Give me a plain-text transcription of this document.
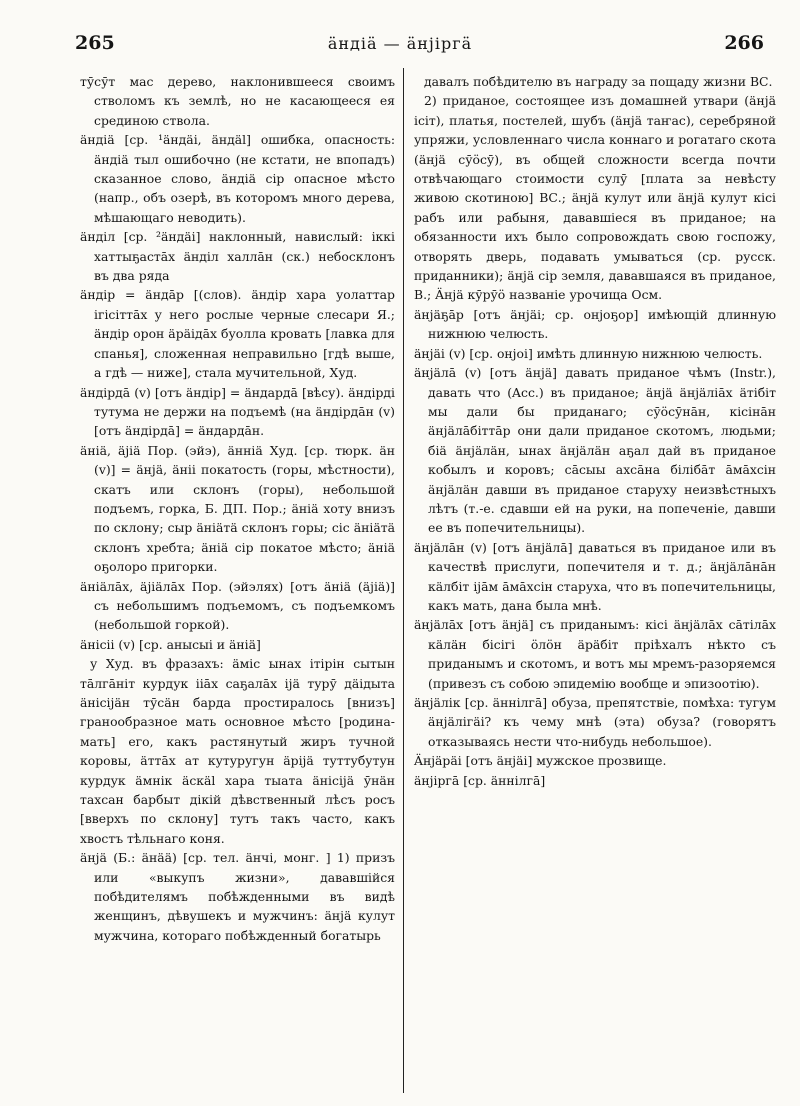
265	äндiä — äнjiргä	266
тӯсӯт мас дерево, наклонившееся своимъ стволомъ къ землѣ, но не касающееся ея срединою ствола.
äндiä [ср. ¹äндäi, äндäl] ошибка, опасность: äндiä тыл ошибочно (не кстати, не впопадъ) сказанное слово, äндiä сiр опасное мѣсто (напр., объ озерѣ, въ которомъ много дерева, мѣшающаго неводить).
äндiл [ср. ²äндäi] наклонный, навислый: iккi хаттыҕастāх äндiл халлāн (ск.) небосклонъ въ два ряда
äндiр = äндāр [(слов). äндiр хара уолаттар iгiсiттāх у него рослые черные слесари Я.; äндiр орон äрäiдāх буолла кровать [лавка для спанья], сложенная неправильно [гдѣ выше, а гдѣ — ниже], стала мучительной, Худ.
äндiрдā (v) [отъ äндiр] = äндардā [вѣсу). äндiрдi тутума не держи на подъемѣ (на äндiрдāн (v) [отъ äндiрдā] = äндардāн.
äнiä, äјiä Пор. (эйэ), äннiä Худ. [ср. тюрк. äн (v)] = äнjä, äнii покатость (горы, мѣстности), скатъ или склонъ (горы), небольшой подъемъ, горка, Б. ДП. Пор.; äнiä хоту внизъ по склону; сыр äнiäтä склонъ горы; сiс äнiäтä склонъ хребта; äнiä сiр покатое мѣсто; äнiä оҕолоро пригорки.
äнiäлāх, äјiäлāх Пор. (эйэлях) [отъ äнiä (äјiä)] съ небольшимъ подъемомъ, съ подъемкомъ (небольшой горкой).
äнiсii (v) [ср. анысыi и äнiä]
у Худ. въ фразахъ: äмiс ынах iтiрiн сытын тāлгāнiт курдук iiāх саҕалāх iјä турӯ дäiдыта äнiсiјäн тӯсäн барда простиралось [внизъ] гранообразное мать основное мѣсто [родина-мать] его, какъ растянутый жиръ тучной коровы, äттāх ат кутуругун äрiјä туттубутун курдук äмнiк äскäl хара тыата äнiсiјä ӯнäн тахсан барбыт дiкiй дѣвственный лѣсъ росъ [вверхъ по склону] тутъ такъ часто, какъ хвостъ тѣльнаго коня.
äнjä (Б.: äнää) [ср. тел. äнчi, монг. ] 1) призъ или «выкупъ жизни», дававшiйся побѣдителямъ побѣжденными въ видѣ женщинъ, дѣвушекъ и мужчинъ: äнjä кулут мужчина, котораго побѣжденный богатырь
давалъ побѣдителю въ награду за пощаду жизни ВС.
2) приданое, состоящее изъ домашней утвари (äнjä iсiт), платья, постелей, шубъ (äнjä таҥас), серебряной упряжи, условленнаго числа коннаго и рогатаго скота (äнjä сӯӧсӯ), въ общей сложности всегда почти отвѣчающаго стоимости сулӯ [плата за невѣсту живою скотиною] ВС.; äнjä кулут или äнjä кулут кiсi рабъ или рабыня, дававшiеся въ приданое; на обязанности ихъ было сопровождать свою госпожу, отворять дверь, подавать умываться (ср. русск. приданники); äнjä сiр земля, дававшаяся въ приданое, В.; Äнjä кӯрӯӧ названiе урочища Осм.
äнjäҕāр [отъ äнjäi; ср. онjоҕор] имѣющiй длинную нижнюю челюсть.
äнjäi (v) [ср. онjоi] имѣть длинную нижнюю челюсть.
äнjäлā (v) [отъ äнjä] давать приданое чѣмъ (Instr.), давать что (Acc.) въ приданое; äнjä äнjäлiāх äтiбiт мы дали бы приданаго; сӯӧсӯнāн, кiсiнāн äнjäлāбiттāр они дали приданое скотомъ, людьми; бiä äнjäлäн, ынах äнjäлäн аҕал дай въ приданое кобылъ и коровъ; сāсыы ахсāна бiлiбāт āмāхсiн äнjäлäн давши въ приданое старуху неизвѣстныхъ лѣтъ (т.-е. сдавши ей на руки, на попеченiе, давши ее въ попечительницы).
äнjäлāн (v) [отъ äнjäлā] даваться въ приданое или въ качествѣ прислуги, попечителя и т. д.; äнjäлāнāн кäлбiт iјāм āмāхсiн старуха, что въ попечительницы, какъ мать, дана была мнѣ.
äнjäлāх [отъ äнjä] съ приданымъ: кiсi äнjäлāх сāтiлāх кäлäн бiсiгi ӧлӧн äрäбiт прiѣхалъ нѣкто съ приданымъ и скотомъ, и вотъ мы мремъ-разоряемся (привезъ съ собою эпидемiю вообще и эпизоотiю).
äнjäлiк [ср. äннiлгā] обуза, препятствiе, помѣха: тугум äнjäлiгäi? къ чему мнѣ (эта) обуза? (говорятъ отказываясь нести что-нибудь небольшое).
Äнjäрäi [отъ äнjäi] мужское прозвище.
äнjiргā [ср. äннiлгā]
